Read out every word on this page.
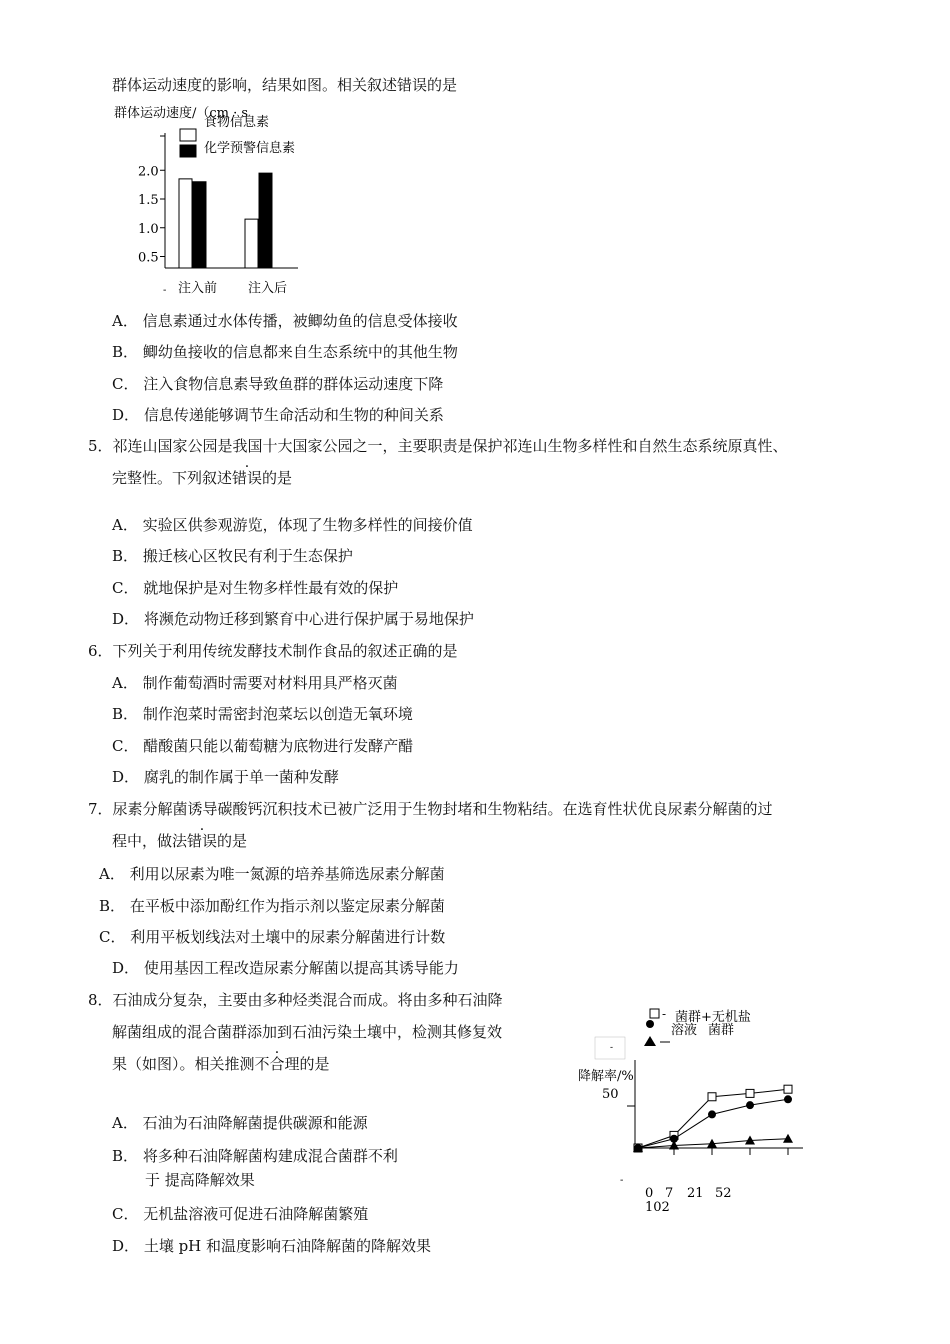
群体运动速度的影响，结果如图。相关叙述错误的是
群体运动速度/（cm · s
食物信息素
化学预警信息素
2.0
1.5
1.0
0.5
注入前 注入后
-
A． 信息素通过水体传播，被鲫幼鱼的信息受体接收
B． 鲫幼鱼接收的信息都来自生态系统中的其他生物
C． 注入食物信息素导致鱼群的群体运动速度下降
D． 信息传递能够调节生命活动和生物的种间关系
5．祁连山国家公园是我国十大国家公园之一，主要职责是保护祁连山生物多样性和自然生态系统原真性、
完整性。下列叙述错误的是
A． 实验区供参观游览，体现了生物多样性的间接价值
B． 搬迁核心区牧民有利于生态保护
C． 就地保护是对生物多样性最有效的保护
D． 将濒危动物迁移到繁育中心进行保护属于易地保护
6．下列关于利用传统发酵技术制作食品的叙述正确的是
A． 制作葡萄酒时需要对材料用具严格灭菌
B． 制作泡菜时需密封泡菜坛以创造无氧环境
C． 醋酸菌只能以葡萄糖为底物进行发酵产醋
D． 腐乳的制作属于单一菌种发酵
7．尿素分解菌诱导碳酸钙沉积技术已被广泛用于生物封堵和生物粘结。在选育性状优良尿素分解菌的过
程中，做法错误的是
A． 利用以尿素为唯一氮源的培养基筛选尿素分解菌
B． 在平板中添加酚红作为指示剂以鉴定尿素分解菌
C． 利用平板划线法对土壤中的尿素分解菌进行计数
D． 使用基因工程改造尿素分解菌以提高其诱导能力
8．石油成分复杂，主要由多种烃类混合而成。将由多种石油降
解菌组成的混合菌群添加到石油污染土壤中，检测其修复效
果（如图）。相关推测不合理的是
A． 石油为石油降解菌提供碳源和能源
B． 将多种石油降解菌构建成混合菌群不利
于 提高降解效果
C． 无机盐溶液可促进石油降解菌繁殖
D． 土壤 pH 和温度影响石油降解菌的降解效果
- 菌群+无机盐
溶液 菌群
-
降解率/%
50
-
0 7 21 52
102
